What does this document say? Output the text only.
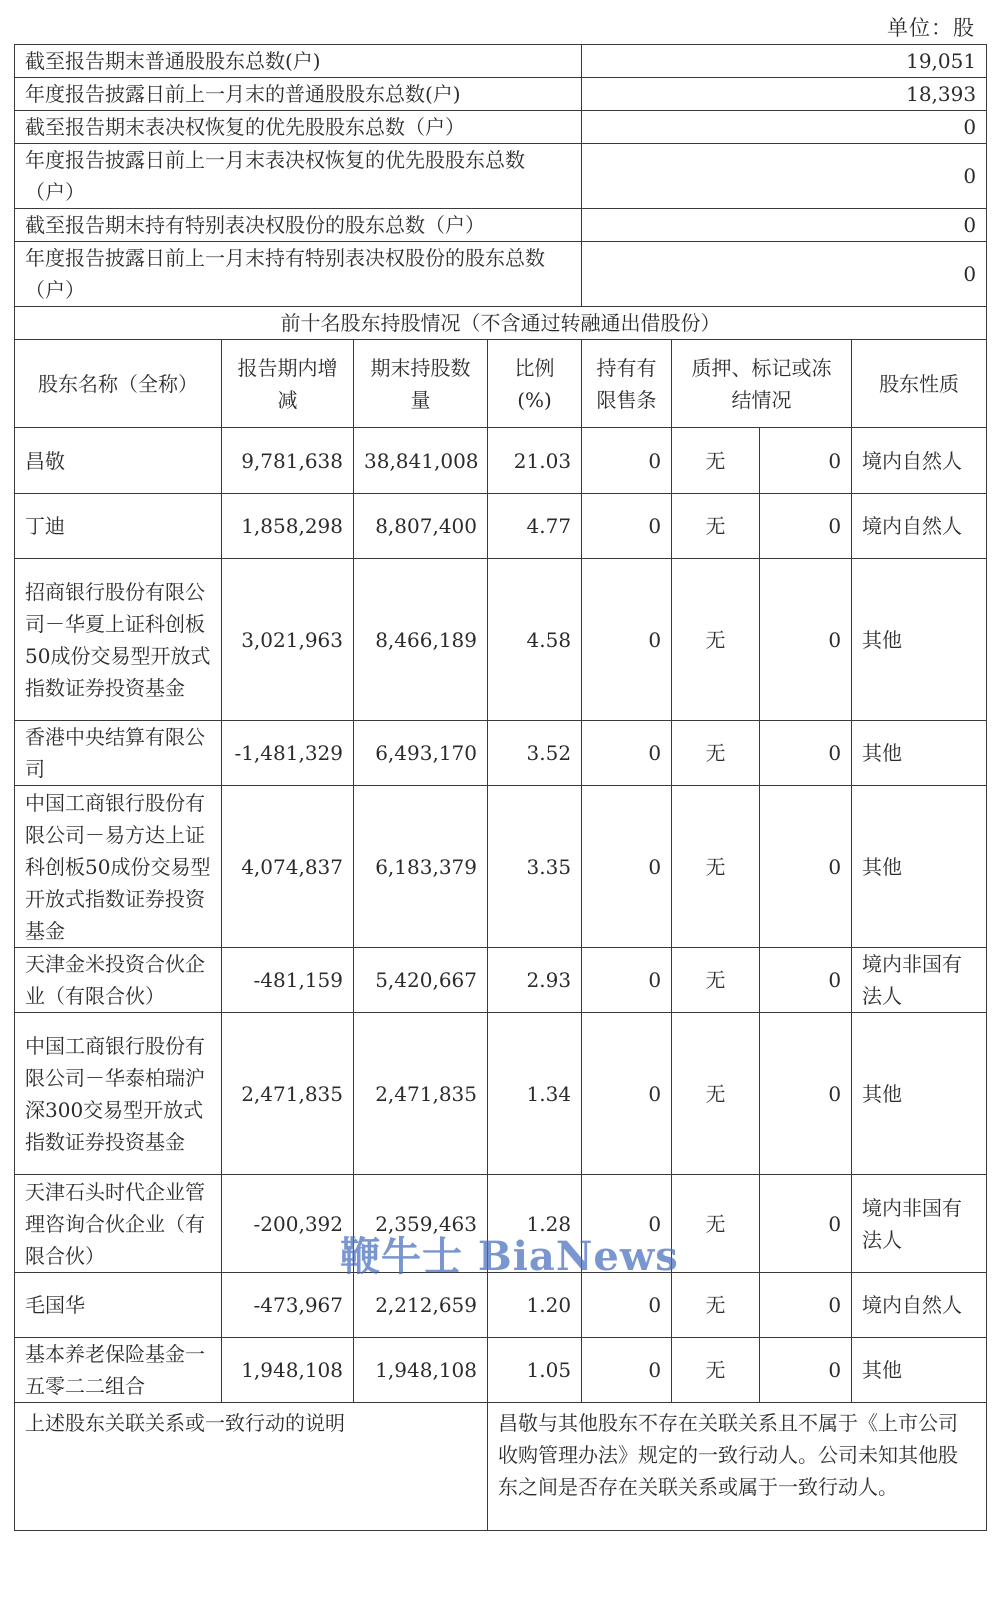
单位：股
截至报告期末普通股股东总数(户)				19,051			
年度报告披露日前上一月末的普通股股东总数(户)				18,393			
截至报告期末表决权恢复的优先股股东总数（户）				0			
年度报告披露日前上一月末表决权恢复的优先股股东总数（户）				0			
截至报告期末持有特别表决权股份的股东总数（户）				0			
年度报告披露日前上一月末持有特别表决权股份的股东总数（户）				0			
前十名股东持股情况（不含通过转融通出借股份）							
股东名称（全称）	报告期内增减	期末持股数量	比例(%)	持有有限售条	质押、标记或冻结情况		股东性质
昌敬	9,781,638	38,841,008	21.03	0	无	0	境内自然人
丁迪	1,858,298	8,807,400	4.77	0	无	0	境内自然人
招商银行股份有限公司－华夏上证科创板50成份交易型开放式指数证券投资基金	3,021,963	8,466,189	4.58	0	无	0	其他
香港中央结算有限公司	-1,481,329	6,493,170	3.52	0	无	0	其他
中国工商银行股份有限公司－易方达上证科创板50成份交易型开放式指数证券投资基金	4,074,837	6,183,379	3.35	0	无	0	其他
天津金米投资合伙企业（有限合伙）	-481,159	5,420,667	2.93	0	无	0	境内非国有法人
中国工商银行股份有限公司－华泰柏瑞沪深300交易型开放式指数证券投资基金	2,471,835	2,471,835	1.34	0	无	0	其他
天津石头时代企业管理咨询合伙企业（有限合伙）	-200,392	2,359,463	1.28	0	无	0	境内非国有法人
毛国华	-473,967	2,212,659	1.20	0	无	0	境内自然人
基本养老保险基金一五零二二组合	1,948,108	1,948,108	1.05	0	无	0	其他
上述股东关联关系或一致行动的说明			昌敬与其他股东不存在关联关系且不属于《上市公司收购管理办法》规定的一致行动人。公司未知其他股东之间是否存在关联关系或属于一致行动人。				
鞭牛士 BiaNews
